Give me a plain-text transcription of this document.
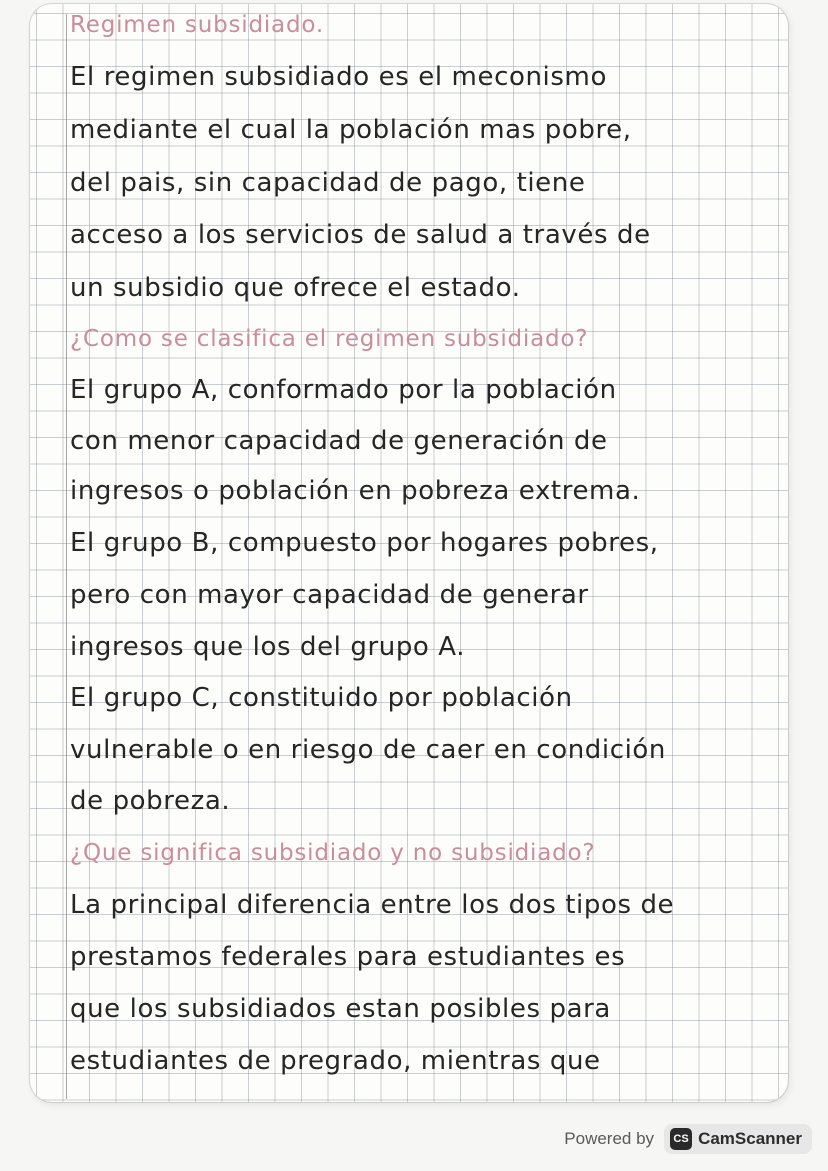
Regimen subsidiado.
El regimen subsidiado es el meconismo
mediante el cual la población mas pobre,
del pais, sin capacidad de pago, tiene
acceso a los servicios de salud a través de
un subsidio que ofrece el estado.
¿Como se clasifica el regimen subsidiado?
El grupo A, conformado por la población
con menor capacidad de generación de
ingresos o población en pobreza extrema.
El grupo B, compuesto por hogares pobres,
pero con mayor capacidad de generar
ingresos que los del grupo A.
El grupo C, constituido por población
vulnerable o en riesgo de caer en condición
de pobreza.
¿Que significa subsidiado y no subsidiado?
La principal diferencia entre los dos tipos de
prestamos federales para estudiantes es
que los subsidiados estan posibles para
estudiantes de pregrado, mientras que
Powered by	CS CamScanner
